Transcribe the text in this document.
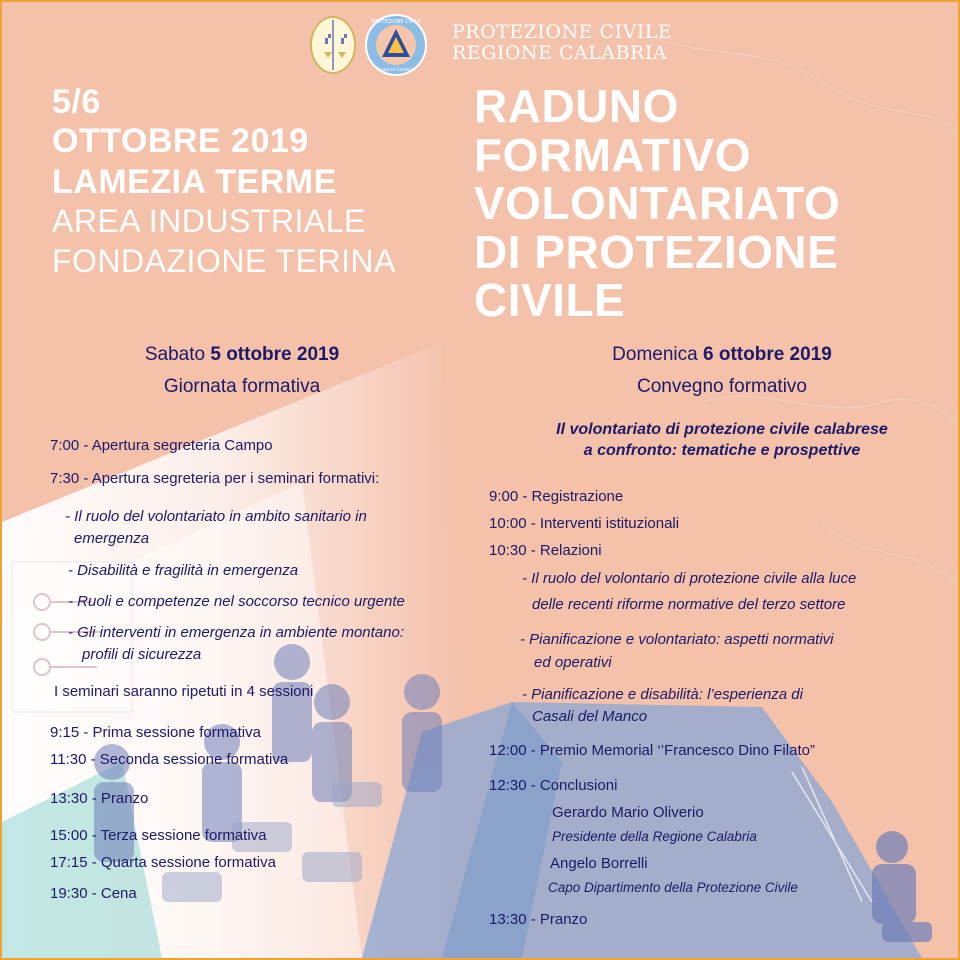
PROTEZIONE CIVILE
Regione Calabria
PROTEZIONE CIVILE
REGIONE CALABRIA
5/6
OTTOBRE 2019
LAMEZIA TERME
AREA INDUSTRIALE
FONDAZIONE TERINA
RADUNO
FORMATIVO
VOLONTARIATO
DI PROTEZIONE
CIVILE
Sabato 5 ottobre 2019
Giornata formativa
7:00 - Apertura segreteria Campo
7:30 - Apertura segreteria per i seminari formativi:
- Il ruolo del volontariato in ambito sanitario in
emergenza
- Disabilità e fragilità in emergenza
- Ruoli e competenze nel soccorso tecnico urgente
- Gli interventi in emergenza in ambiente montano:
profili di sicurezza
I seminari saranno ripetuti in 4 sessioni
9:15 - Prima sessione formativa
11:30 - Seconda sessione formativa
13:30 - Pranzo
15:00 - Terza sessione formativa
17:15 - Quarta sessione formativa
19:30 - Cena
Domenica 6 ottobre 2019
Convegno formativo
Il volontariato di protezione civile calabrese
a confronto: tematiche e prospettive
9:00 - Registrazione
10:00 - Interventi istituzionali
10:30 - Relazioni
- Il ruolo del volontario di protezione civile alla luce
delle recenti riforme normative del terzo settore
- Pianificazione e volontariato: aspetti normativi
ed operativi
- Pianificazione e disabilità: l’esperienza di
Casali del Manco
12:00 - Premio Memorial ‘’Francesco Dino Filato”
12:30 - Conclusioni
Gerardo Mario Oliverio
Presidente della Regione Calabria
Angelo Borrelli
Capo Dipartimento della Protezione Civile
13:30 - Pranzo
